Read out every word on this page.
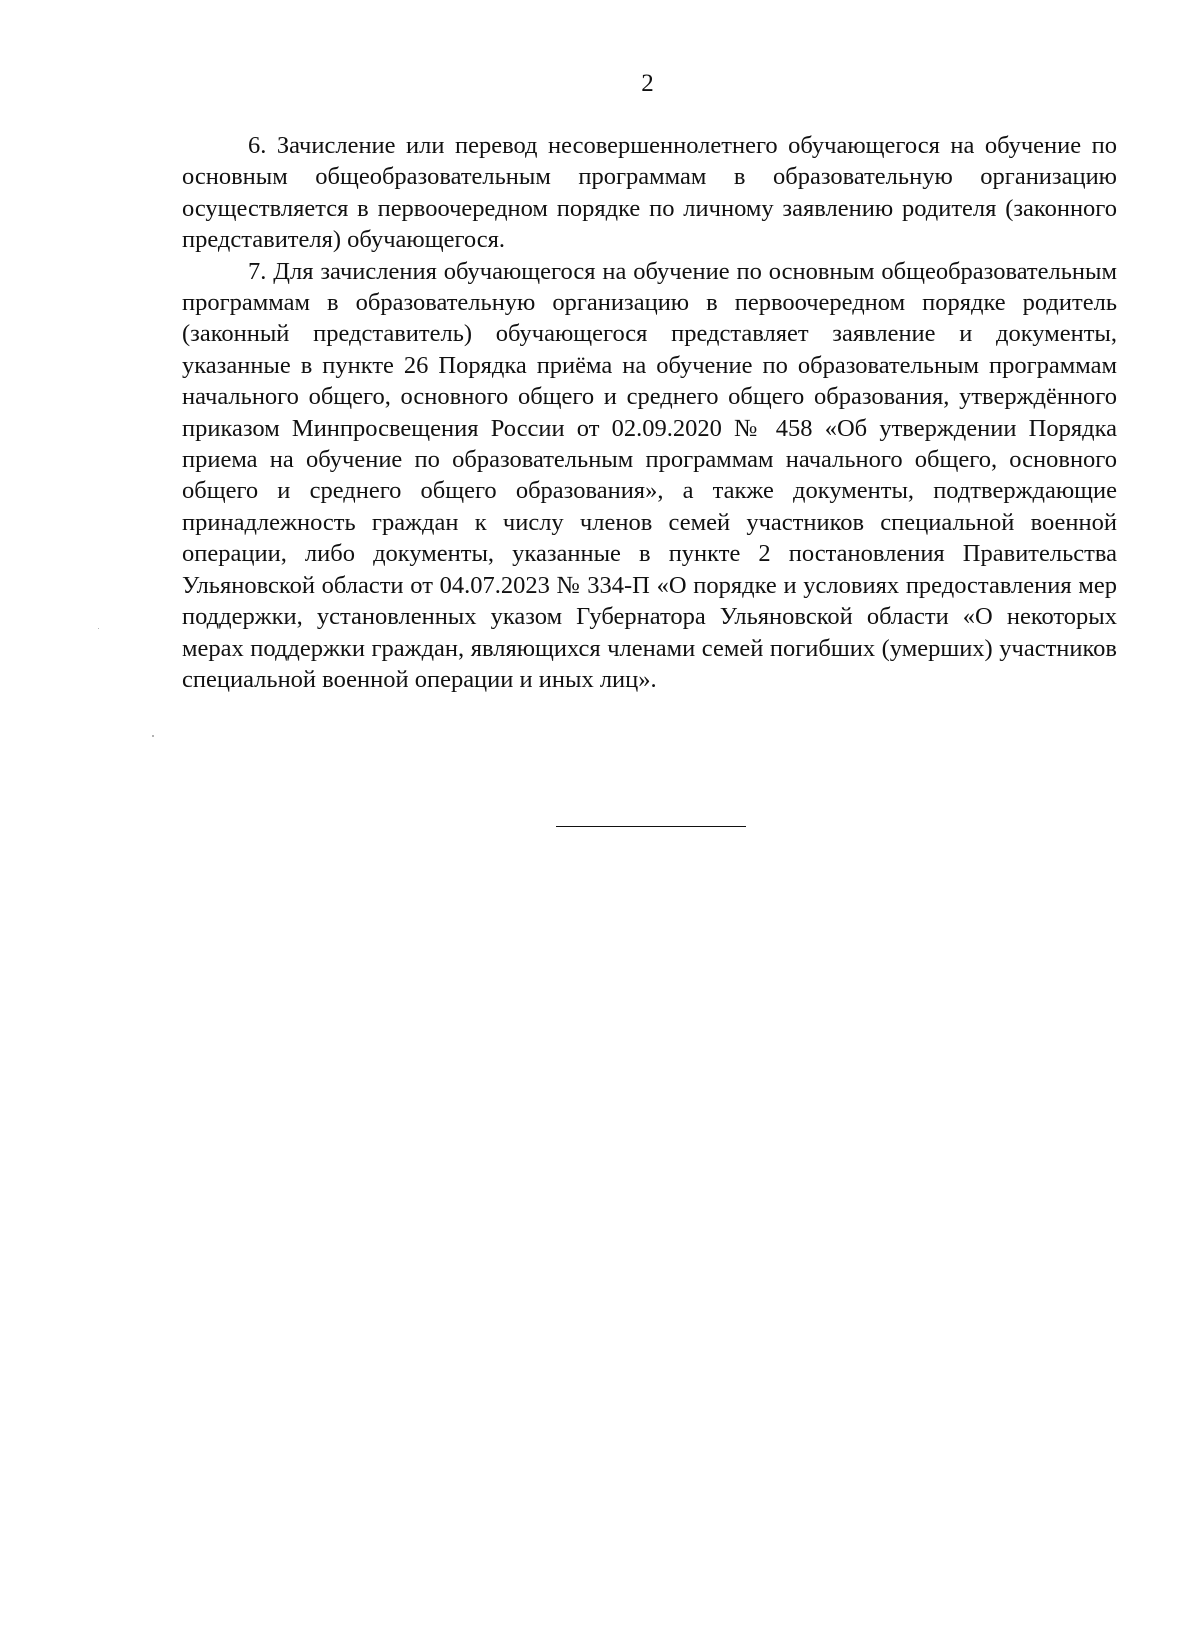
2

6. Зачисление или перевод несовершеннолетнего обучающегося на обучение по основным общеобразовательным программам в образовательную организацию осуществляется в первоочередном порядке по личному заявлению родителя (законного представителя) обучающегося.

7. Для зачисления обучающегося на обучение по основным общеобразовательным программам в образовательную организацию в первоочередном порядке родитель (законный представитель) обучающегося представляет заявление и документы, указанные в пункте 26 Порядка приёма на обучение по образовательным программам начального общего, основного общего и среднего общего образования, утверждённого приказом Минпросвещения России от 02.09.2020 № 458 «Об утверждении Порядка приема на обучение по образовательным программам начального общего, основного общего и среднего общего образования», а также документы, подтверждающие принадлежность граждан к числу членов семей участников специальной военной операции, либо документы, указанные в пункте 2 постановления Правительства Ульяновской области от 04.07.2023 № 334-П «О порядке и условиях предоставления мер поддержки, установленных указом Губернатора Ульяновской области «О некоторых мерах поддержки граждан, являющихся членами семей погибших (умерших) участников специальной военной операции и иных лиц».
